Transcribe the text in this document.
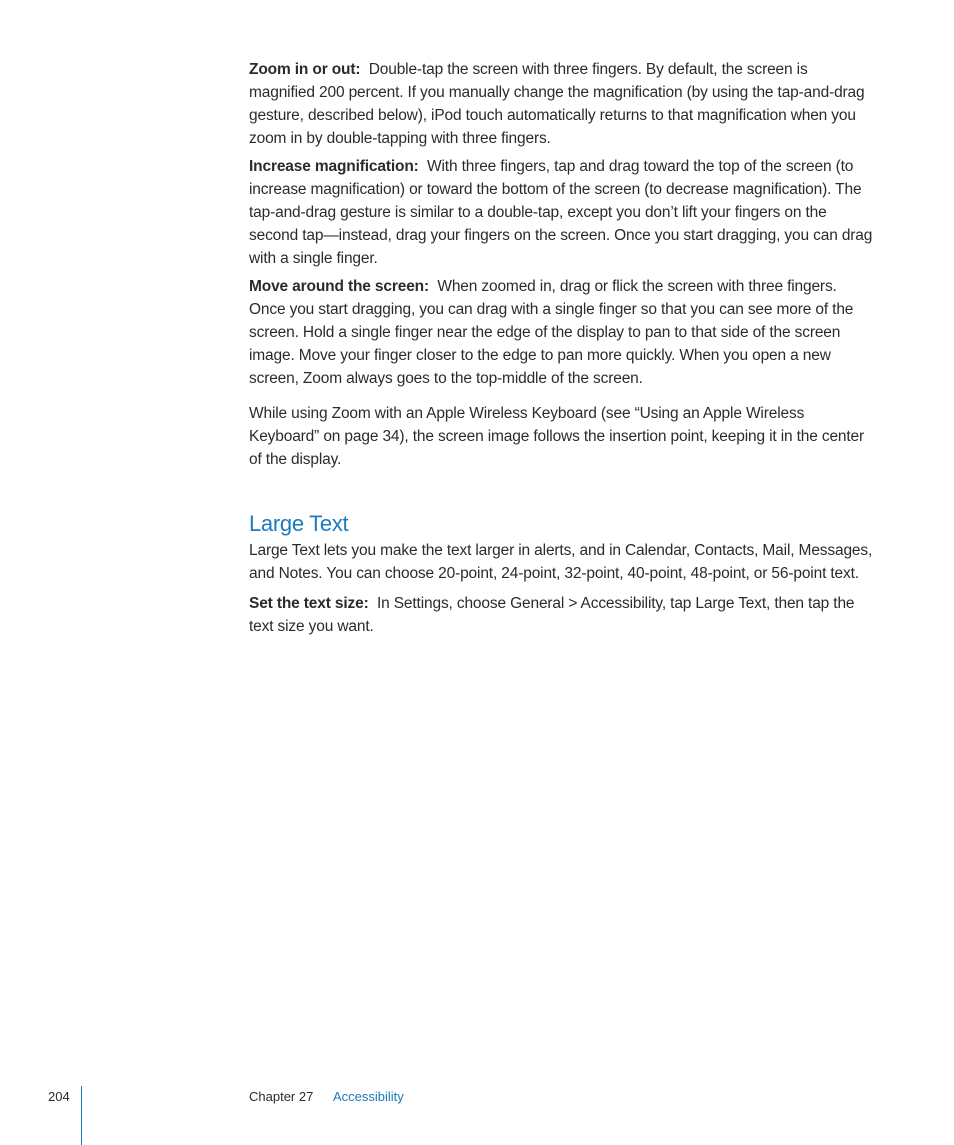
Zoom in or out: Double-tap the screen with three fingers. By default, the screen is magnified 200 percent. If you manually change the magnification (by using the tap-and-drag gesture, described below), iPod touch automatically returns to that magnification when you zoom in by double-tapping with three fingers.

Increase magnification: With three fingers, tap and drag toward the top of the screen (to increase magnification) or toward the bottom of the screen (to decrease magnification). The tap-and-drag gesture is similar to a double-tap, except you don’t lift your fingers on the second tap—instead, drag your fingers on the screen. Once you start dragging, you can drag with a single finger.

Move around the screen: When zoomed in, drag or flick the screen with three fingers. Once you start dragging, you can drag with a single finger so that you can see more of the screen. Hold a single finger near the edge of the display to pan to that side of the screen image. Move your finger closer to the edge to pan more quickly. When you open a new screen, Zoom always goes to the top-middle of the screen.

While using Zoom with an Apple Wireless Keyboard (see “Using an Apple Wireless Keyboard” on page 34), the screen image follows the insertion point, keeping it in the center of the display.

Large Text

Large Text lets you make the text larger in alerts, and in Calendar, Contacts, Mail, Messages, and Notes. You can choose 20-point, 24-point, 32-point, 40-point, 48-point, or 56-point text.

Set the text size: In Settings, choose General > Accessibility, tap Large Text, then tap the text size you want.

204	Chapter 27 Accessibility
